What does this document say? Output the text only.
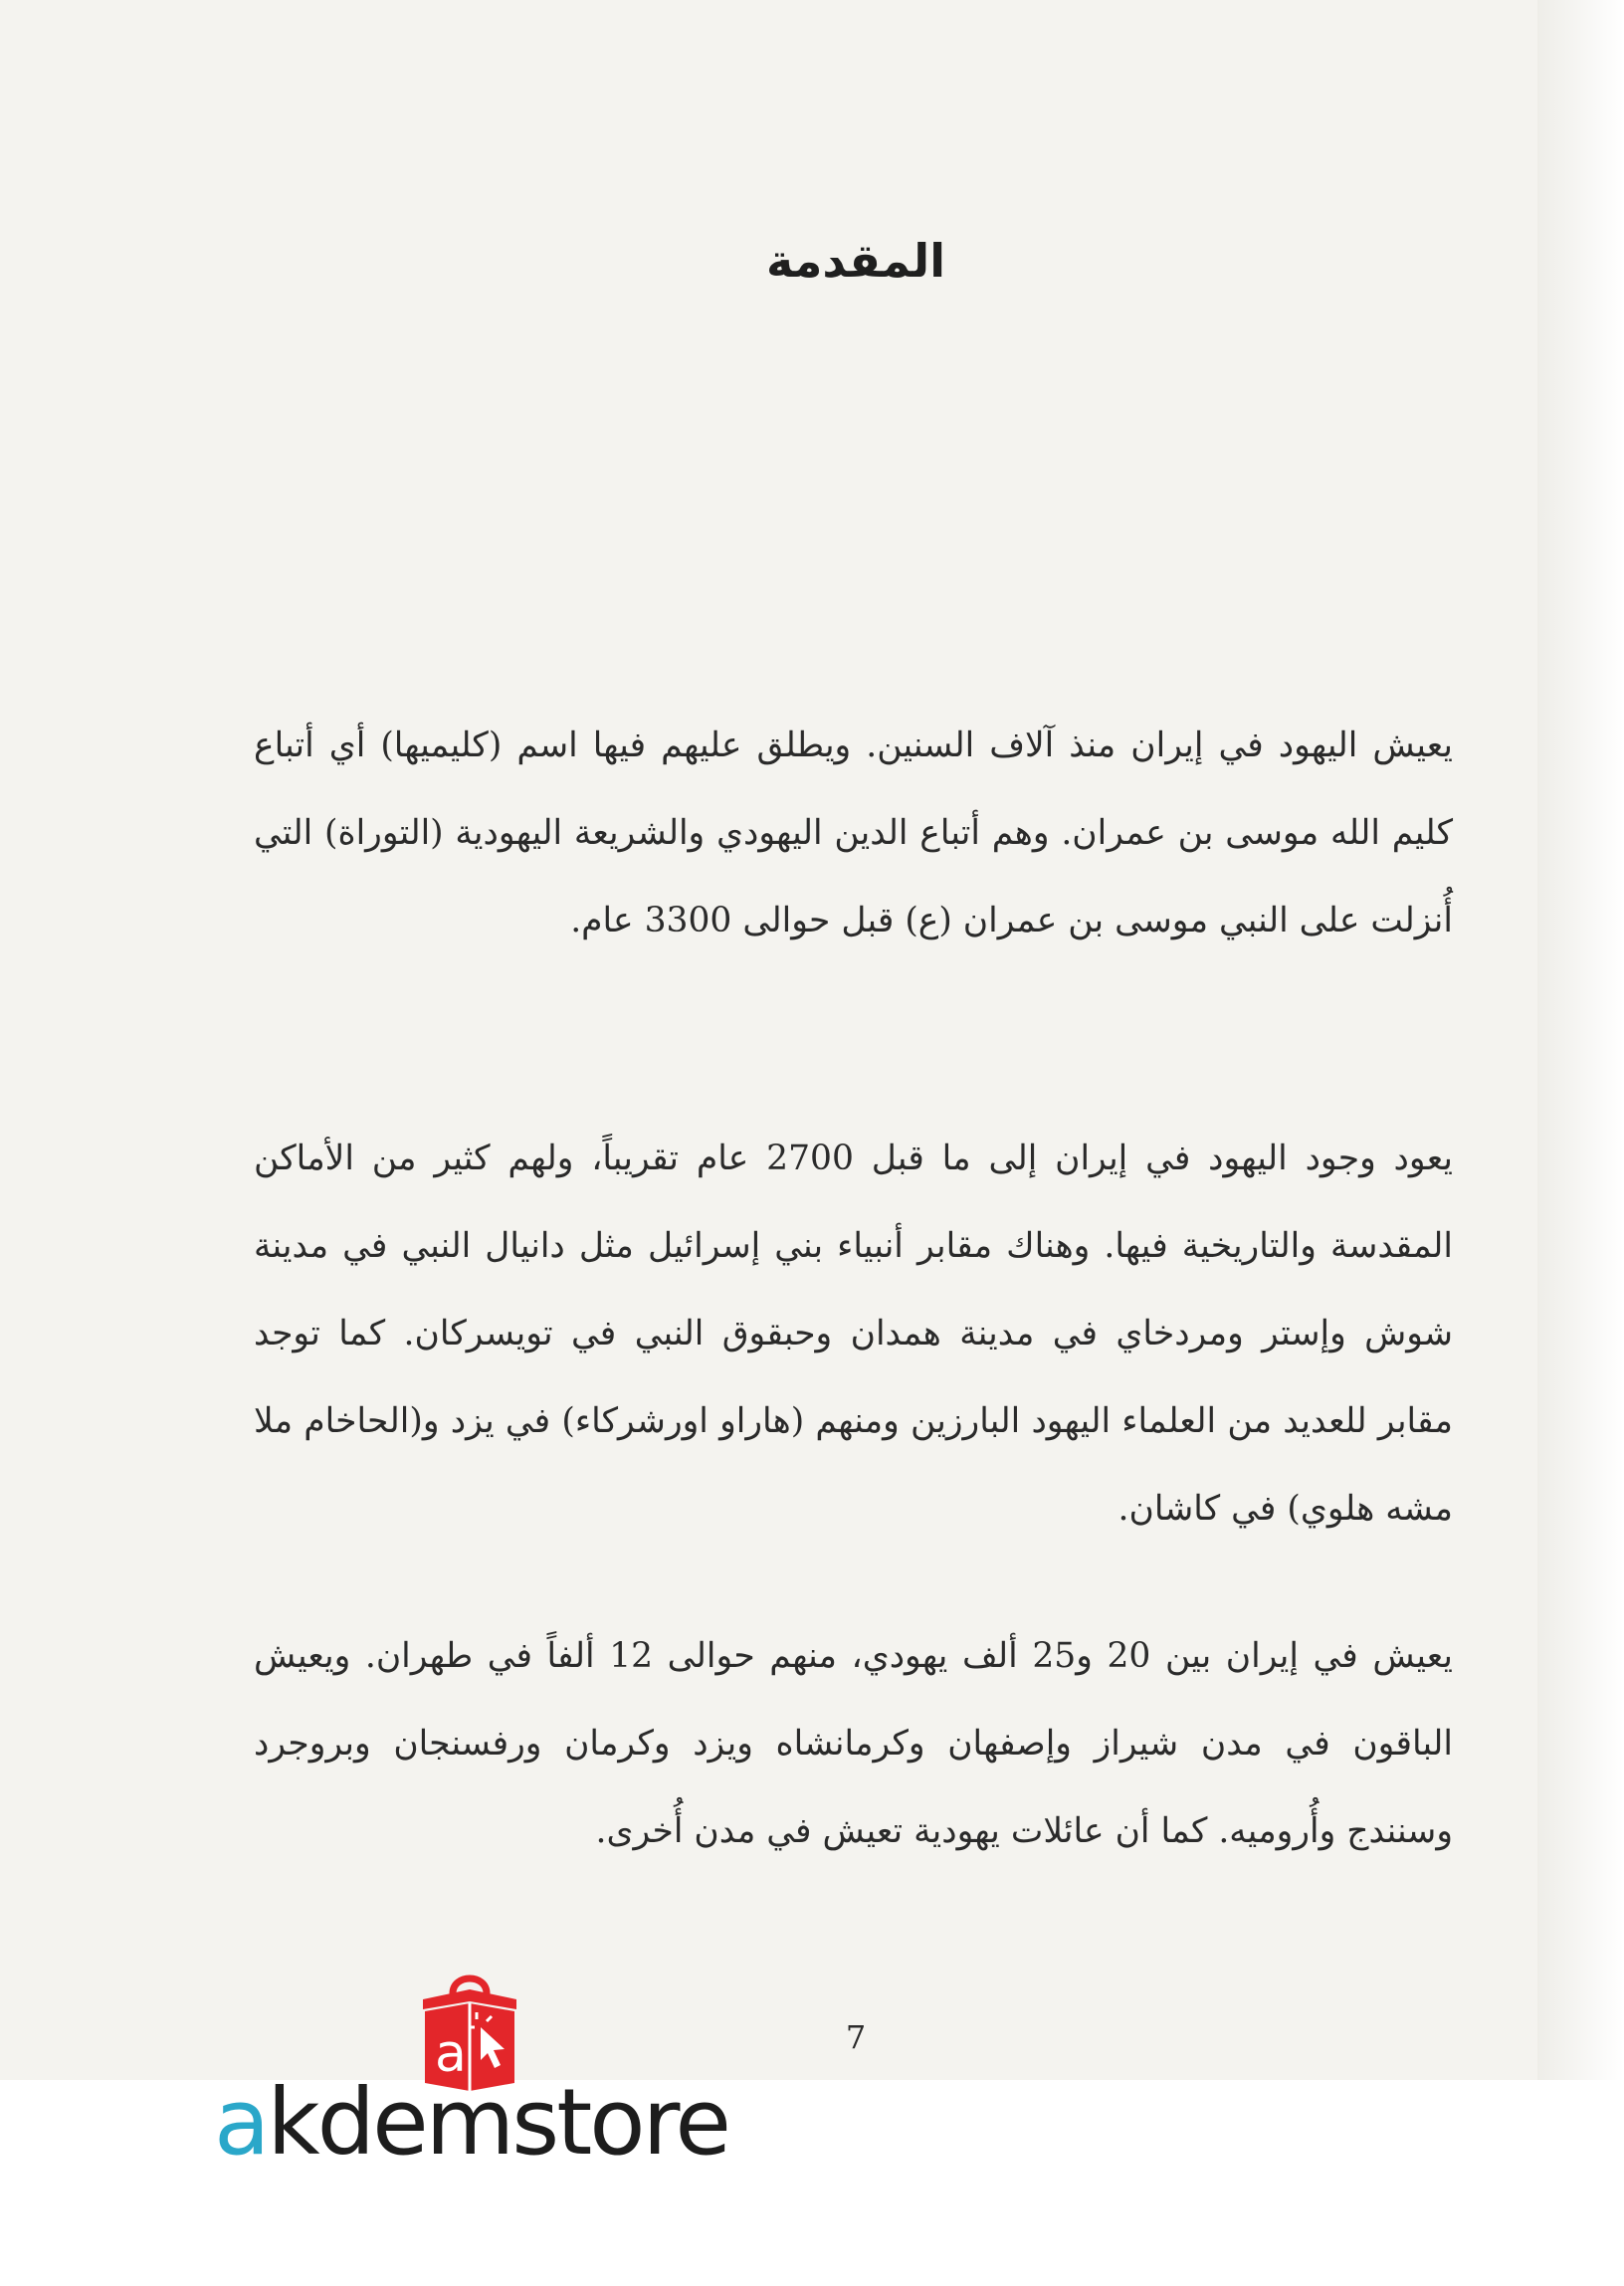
المقدمة
يعيش اليهود في إيران منذ آلاف السنين. ويطلق عليهم فيها اسم (كليميها) أي أتباع كليم الله موسى بن عمران. وهم أتباع الدين اليهودي والشريعة اليهودية (التوراة) التي أُنزلت على النبي موسى بن عمران (ع) قبل حوالى 3300 عام.
يعود وجود اليهود في إيران إلى ما قبل 2700 عام تقريباً، ولهم كثير من الأماكن المقدسة والتاريخية فيها. وهناك مقابر أنبياء بني إسرائيل مثل دانيال النبي في مدينة شوش وإستر ومردخاي في مدينة همدان وحبقوق النبي في تويسركان. كما توجد مقابر للعديد من العلماء اليهود البارزين ومنهم (هاراو اورشركاء) في يزد و(الحاخام ملا مشه هلوي) في كاشان.
يعيش في إيران بين 20 و25 ألف يهودي، منهم حوالى 12 ألفاً في طهران. ويعيش الباقون في مدن شيراز وإصفهان وكرمانشاه ويزد وكرمان ورفسنجان وبروجرد وسنندج وأُروميه. كما أن عائلات يهودية تعيش في مدن أُخرى.
7
a
akdemstore
